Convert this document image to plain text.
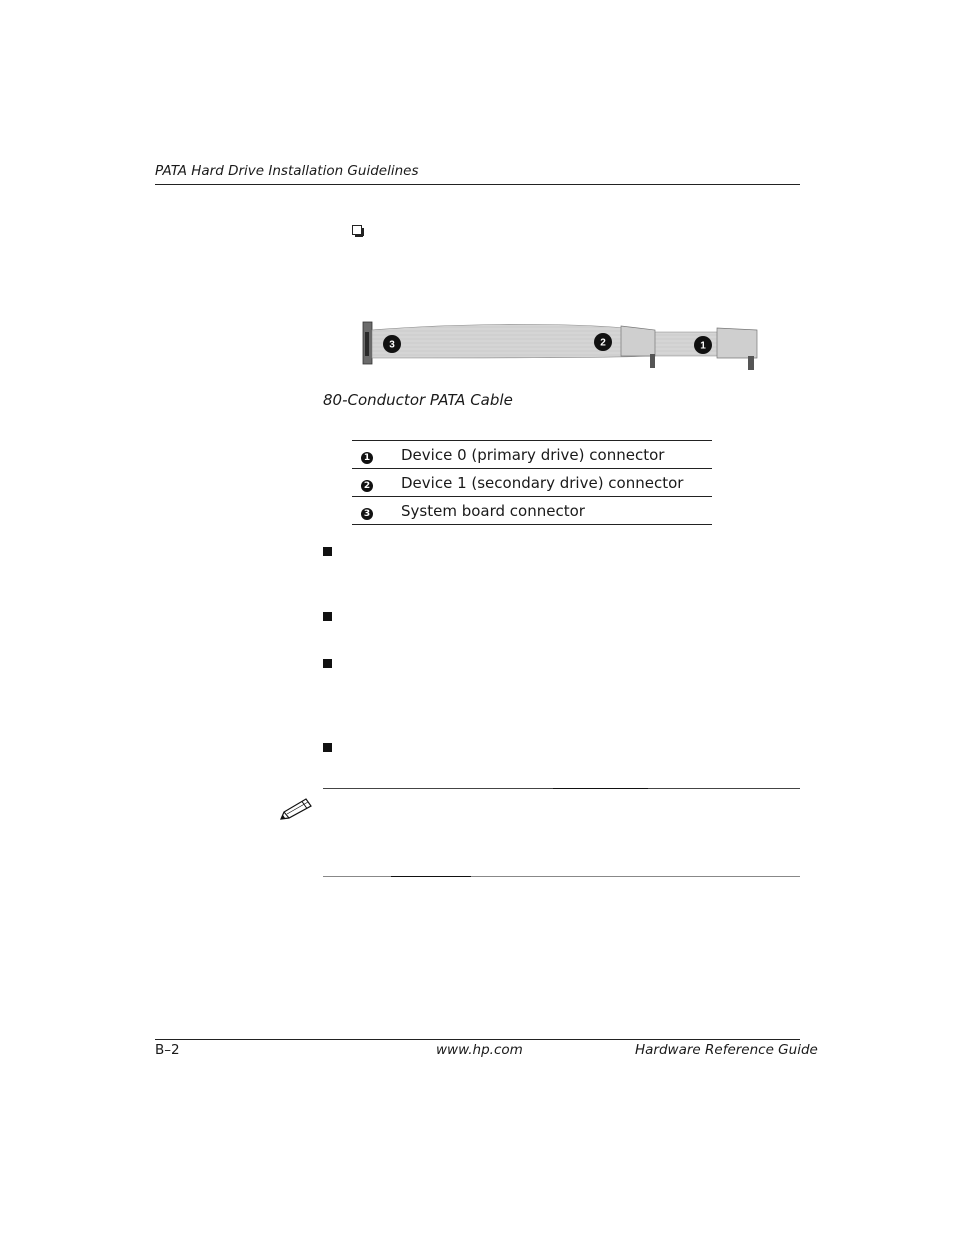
PATA Hard Drive Installation Guidelines
3	2	1
80-Conductor PATA Cable
1	Device 0 (primary drive) connector
2	Device 1 (secondary drive) connector
3	System board connector
B–2	www.hp.com	Hardware Reference Guide
